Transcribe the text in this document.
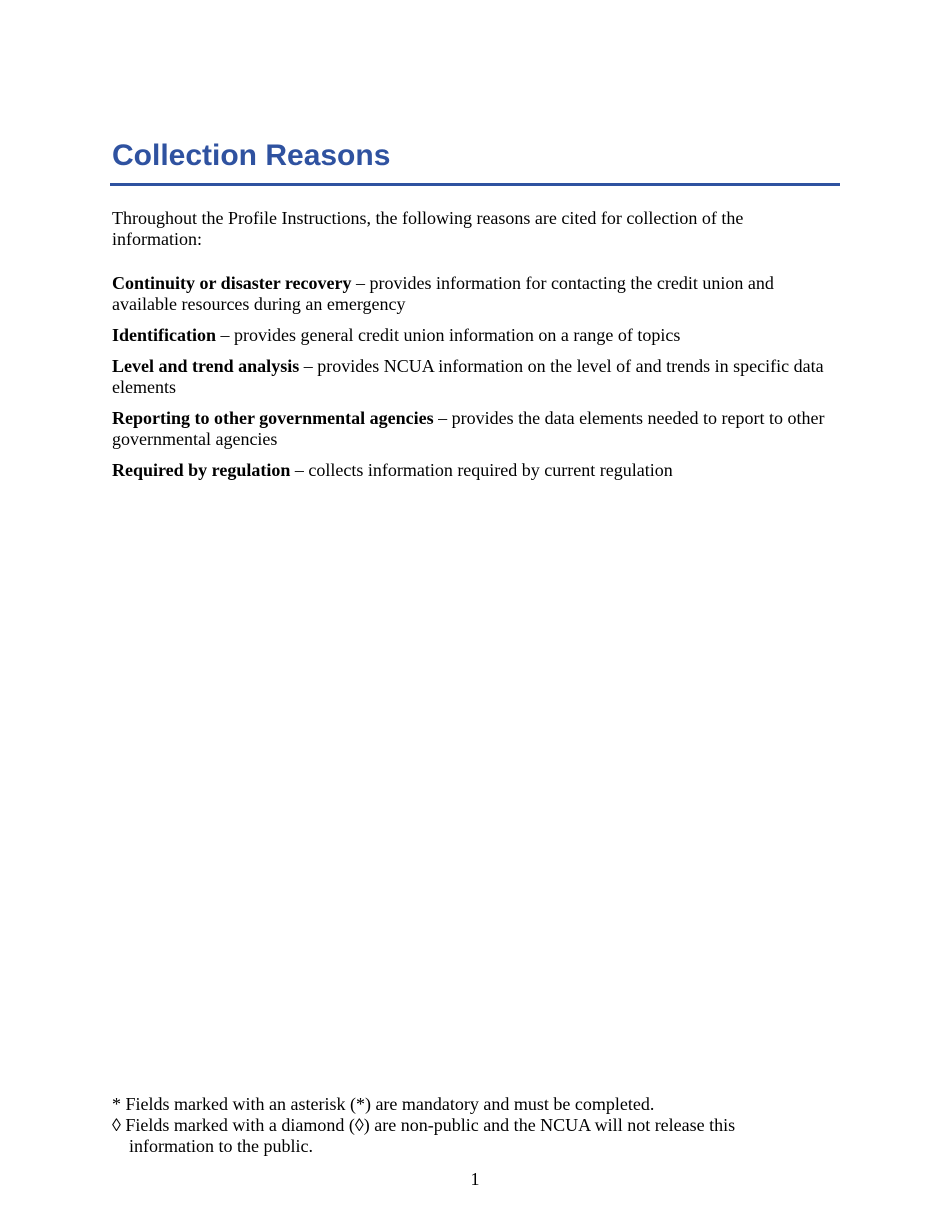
Collection Reasons

Throughout the Profile Instructions, the following reasons are cited for collection of the information:

Continuity or disaster recovery – provides information for contacting the credit union and available resources during an emergency

Identification – provides general credit union information on a range of topics

Level and trend analysis – provides NCUA information on the level of and trends in specific data elements

Reporting to other governmental agencies – provides the data elements needed to report to other governmental agencies

Required by regulation – collects information required by current regulation

* Fields marked with an asterisk (*) are mandatory and must be completed.

◊ Fields marked with a diamond (◊) are non-public and the NCUA will not release this

information to the public.

1
